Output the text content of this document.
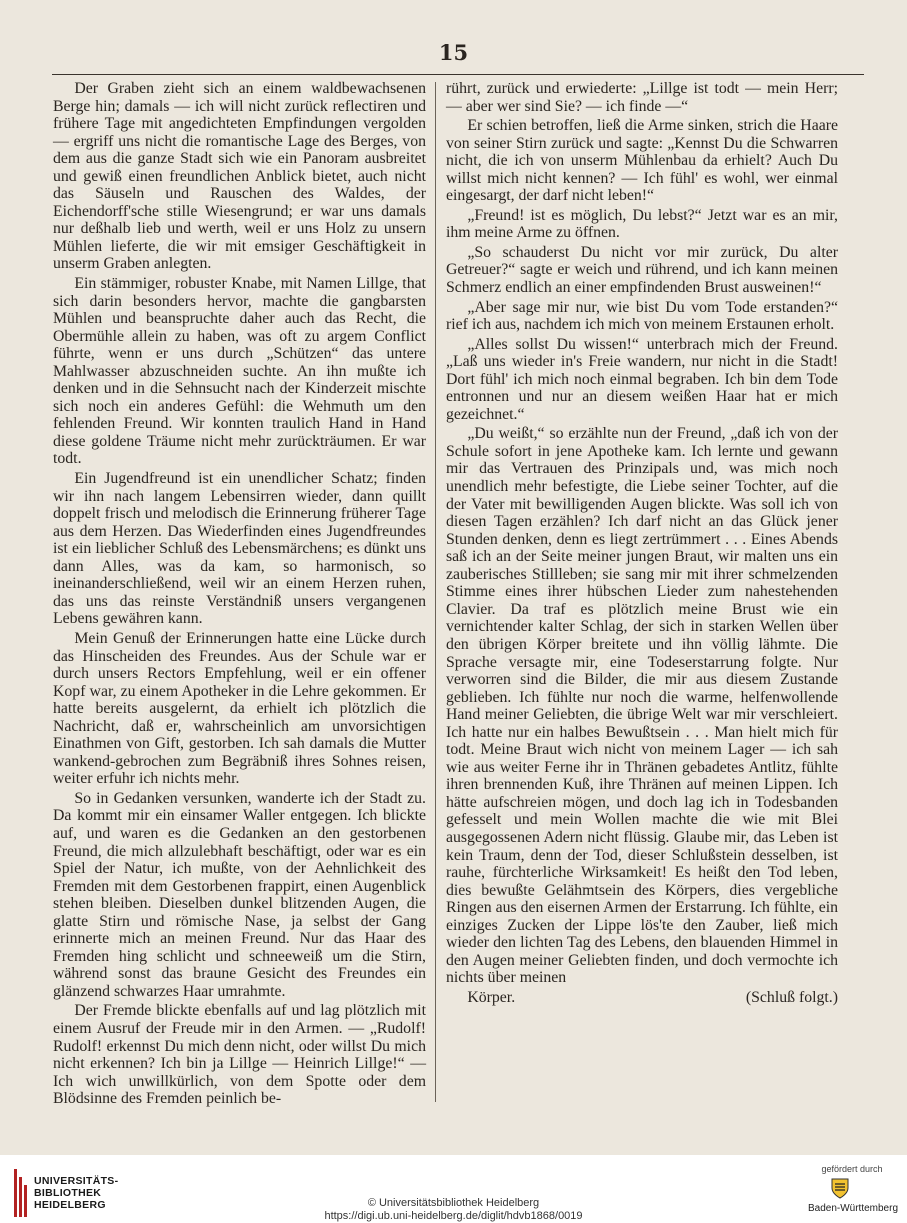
15

Der Graben zieht sich an einem waldbewachsenen Berge hin; damals — ich will nicht zurück reflectiren und frühere Tage mit angedichteten Empfindungen vergolden — ergriff uns nicht die romantische Lage des Berges, von dem aus die ganze Stadt sich wie ein Panoram ausbreitet und gewiß einen freundlichen Anblick bietet, auch nicht das Säuseln und Rauschen des Waldes, der Eichendorff'sche stille Wiesengrund; er war uns damals nur deßhalb lieb und werth, weil er uns Holz zu unsern Mühlen lieferte, die wir mit emsiger Geschäftigkeit in unserm Graben anlegten.

Ein stämmiger, robuster Knabe, mit Namen Lillge, that sich darin besonders hervor, machte die gangbarsten Mühlen und beanspruchte daher auch das Recht, die Obermühle allein zu haben, was oft zu argem Conflict führte, wenn er uns durch „Schützen“ das untere Mahlwasser abzuschneiden suchte. An ihn mußte ich denken und in die Sehnsucht nach der Kinderzeit mischte sich noch ein anderes Gefühl: die Wehmuth um den fehlenden Freund. Wir konnten traulich Hand in Hand diese goldene Träume nicht mehr zurückträumen. Er war todt.

Ein Jugendfreund ist ein unendlicher Schatz; finden wir ihn nach langem Lebensirren wieder, dann quillt doppelt frisch und melodisch die Erinnerung früherer Tage aus dem Herzen. Das Wiederfinden eines Jugendfreundes ist ein lieblicher Schluß des Lebensmärchens; es dünkt uns dann Alles, was da kam, so harmonisch, so ineinanderschließend, weil wir an einem Herzen ruhen, das uns das reinste Verständniß unsers vergangenen Lebens gewähren kann.

Mein Genuß der Erinnerungen hatte eine Lücke durch das Hinscheiden des Freundes. Aus der Schule war er durch unsers Rectors Empfehlung, weil er ein offener Kopf war, zu einem Apotheker in die Lehre gekommen. Er hatte bereits ausgelernt, da erhielt ich plötzlich die Nachricht, daß er, wahrscheinlich am unvorsichtigen Einathmen von Gift, gestorben. Ich sah damals die Mutter wankend-gebrochen zum Begräbniß ihres Sohnes reisen, weiter erfuhr ich nichts mehr.

So in Gedanken versunken, wanderte ich der Stadt zu. Da kommt mir ein einsamer Waller entgegen. Ich blickte auf, und waren es die Gedanken an den gestorbenen Freund, die mich allzulebhaft beschäftigt, oder war es ein Spiel der Natur, ich mußte, von der Aehnlichkeit des Fremden mit dem Gestorbenen frappirt, einen Augenblick stehen bleiben. Dieselben dunkel blitzenden Augen, die glatte Stirn und römische Nase, ja selbst der Gang erinnerte mich an meinen Freund. Nur das Haar des Fremden hing schlicht und schneeweiß um die Stirn, während sonst das braune Gesicht des Freundes ein glänzend schwarzes Haar umrahmte.

Der Fremde blickte ebenfalls auf und lag plötzlich mit einem Ausruf der Freude mir in den Armen. — „Rudolf! Rudolf! erkennst Du mich denn nicht, oder willst Du mich nicht erkennen? Ich bin ja Lillge — Heinrich Lillge!“ — Ich wich unwillkürlich, von dem Spotte oder dem Blödsinne des Fremden peinlich be-

rührt, zurück und erwiederte: „Lillge ist todt — mein Herr; — aber wer sind Sie? — ich finde —“

Er schien betroffen, ließ die Arme sinken, strich die Haare von seiner Stirn zurück und sagte: „Kennst Du die Schwarren nicht, die ich von unserm Mühlenbau da erhielt? Auch Du willst mich nicht kennen? — Ich fühl' es wohl, wer einmal eingesargt, der darf nicht leben!“

„Freund! ist es möglich, Du lebst?“ Jetzt war es an mir, ihm meine Arme zu öffnen.

„So schauderst Du nicht vor mir zurück, Du alter Getreuer?“ sagte er weich und rührend, und ich kann meinen Schmerz endlich an einer empfindenden Brust ausweinen!“

„Aber sage mir nur, wie bist Du vom Tode erstanden?“ rief ich aus, nachdem ich mich von meinem Erstaunen erholt.

„Alles sollst Du wissen!“ unterbrach mich der Freund. „Laß uns wieder in's Freie wandern, nur nicht in die Stadt! Dort fühl' ich mich noch einmal begraben. Ich bin dem Tode entronnen und nur an diesem weißen Haar hat er mich gezeichnet.“

„Du weißt,“ so erzählte nun der Freund, „daß ich von der Schule sofort in jene Apotheke kam. Ich lernte und gewann mir das Vertrauen des Prinzipals und, was mich noch unendlich mehr befestigte, die Liebe seiner Tochter, auf die der Vater mit bewilligenden Augen blickte. Was soll ich von diesen Tagen erzählen? Ich darf nicht an das Glück jener Stunden denken, denn es liegt zertrümmert . . . Eines Abends saß ich an der Seite meiner jungen Braut, wir malten uns ein zauberisches Stillleben; sie sang mir mit ihrer schmelzenden Stimme eines ihrer hübschen Lieder zum nahestehenden Clavier. Da traf es plötzlich meine Brust wie ein vernichtender kalter Schlag, der sich in starken Wellen über den übrigen Körper breitete und ihn völlig lähmte. Die Sprache versagte mir, eine Todeserstarrung folgte. Nur verworren sind die Bilder, die mir aus diesem Zustande geblieben. Ich fühlte nur noch die warme, helfenwollende Hand meiner Geliebten, die übrige Welt war mir verschleiert. Ich hatte nur ein halbes Bewußtsein . . . Man hielt mich für todt. Meine Braut wich nicht von meinem Lager — ich sah wie aus weiter Ferne ihr in Thränen gebadetes Antlitz, fühlte ihren brennenden Kuß, ihre Thränen auf meinen Lippen. Ich hätte aufschreien mögen, und doch lag ich in Todesbanden gefesselt und mein Wollen machte die wie mit Blei ausgegossenen Adern nicht flüssig. Glaube mir, das Leben ist kein Traum, denn der Tod, dieser Schlußstein desselben, ist rauhe, fürchterliche Wirksamkeit! Es heißt den Tod leben, dies bewußte Gelähmtsein des Körpers, dies vergebliche Ringen aus den eisernen Armen der Erstarrung. Ich fühlte, ein einziges Zucken der Lippe lös'te den Zauber, ließ mich wieder den lichten Tag des Lebens, den blauenden Himmel in den Augen meiner Geliebten finden, und doch vermochte ich nichts über meinen

Körper.	(Schluß folgt.)

UNIVERSITÄTS-
BIBLIOTHEK
HEIDELBERG	© Universitätsbibliothek Heidelberg
https://digi.ub.uni-heidelberg.de/diglit/hdvb1868/0019
gefördert durch
Baden-Württemberg
